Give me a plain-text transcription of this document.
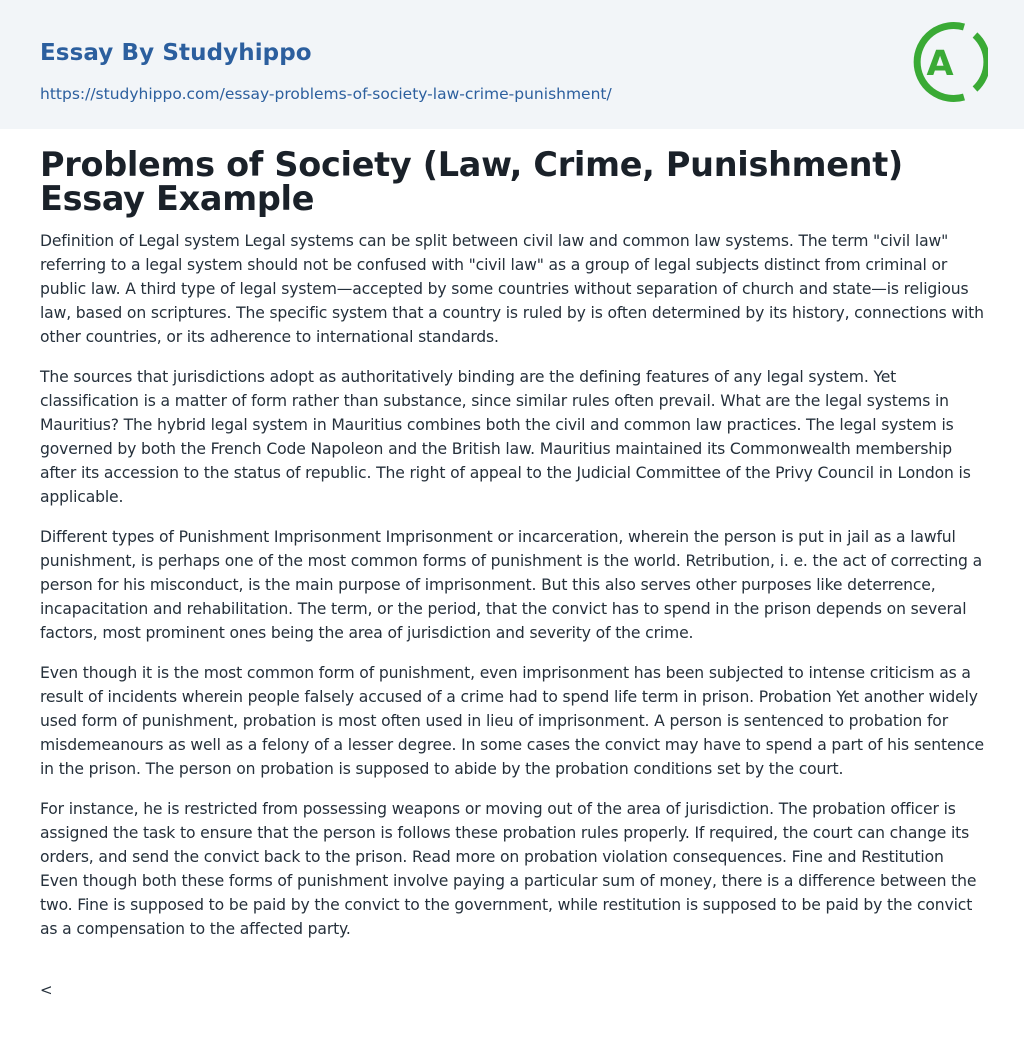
Essay By Studyhippo
https://studyhippo.com/essay-problems-of-society-law-crime-punishment/
A
Problems of Society (Law, Crime, Punishment) Essay Example

Definition of Legal system Legal systems can be split between civil law and common law systems. The term "civil law" referring to a legal system should not be confused with "civil law" as a group of legal subjects distinct from criminal or public law. A third type of legal system—accepted by some countries without separation of church and state—is religious law, based on scriptures. The specific system that a country is ruled by is often determined by its history, connections with other countries, or its adherence to international standards.

The sources that jurisdictions adopt as authoritatively binding are the defining features of any legal system. Yet classification is a matter of form rather than substance, since similar rules often prevail. What are the legal systems in Mauritius? The hybrid legal system in Mauritius combines both the civil and common law practices. The legal system is governed by both the French Code Napoleon and the British law. Mauritius maintained its Commonwealth membership after its accession to the status of republic. The right of appeal to the Judicial Committee of the Privy Council in London is applicable.

Different types of Punishment Imprisonment Imprisonment or incarceration, wherein the person is put in jail as a lawful punishment, is perhaps one of the most common forms of punishment is the world. Retribution, i. e. the act of correcting a person for his misconduct, is the main purpose of imprisonment. But this also serves other purposes like deterrence, incapacitation and rehabilitation. The term, or the period, that the convict has to spend in the prison depends on several factors, most prominent ones being the area of jurisdiction and severity of the crime.

Even though it is the most common form of punishment, even imprisonment has been subjected to intense criticism as a result of incidents wherein people falsely accused of a crime had to spend life term in prison. Probation Yet another widely used form of punishment, probation is most often used in lieu of imprisonment. A person is sentenced to probation for misdemeanours as well as a felony of a lesser degree. In some cases the convict may have to spend a part of his sentence in the prison. The person on probation is supposed to abide by the probation conditions set by the court.

For instance, he is restricted from possessing weapons or moving out of the area of jurisdiction. The probation officer is assigned the task to ensure that the person is follows these probation rules properly. If required, the court can change its orders, and send the convict back to the prison. Read more on probation violation consequences. Fine and Restitution Even though both these forms of punishment involve paying a particular sum of money, there is a difference between the two. Fine is supposed to be paid by the convict to the government, while restitution is supposed to be paid by the convict as a compensation to the affected party.

<
